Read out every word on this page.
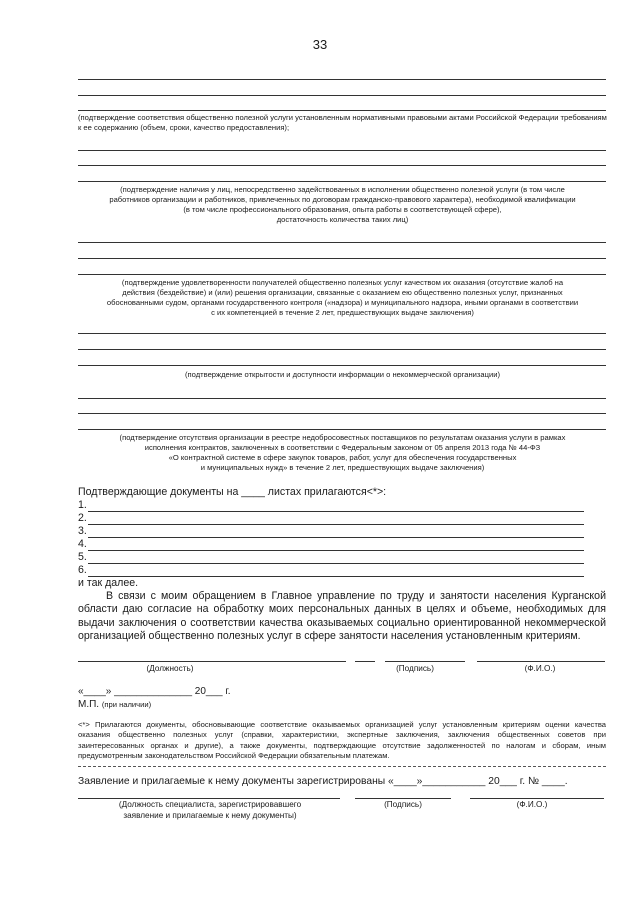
33
(подтверждение соответствия общественно полезной услуги установленным нормативными правовыми актами Российской Федерации требованиям к ее содержанию (объем, сроки, качество предоставления);
(подтверждение наличия у лиц, непосредственно задействованных в исполнении общественно полезной услуги (в том числе
работников организации и работников, привлеченных по договорам гражданско-правового характера), необходимой квалификации
(в том числе профессионального образования, опыта работы в соответствующей сфере),
достаточность количества таких лиц)
(подтверждение удовлетворенности получателей общественно полезных услуг качеством их оказания (отсутствие жалоб на
действия (бездействие) и (или) решения организации, связанные с оказанием ею общественно полезных услуг, признанных
обоснованными судом, органами государственного контроля («надзора) и муниципального надзора, иными органами в соответствии
с их компетенцией в течение 2 лет, предшествующих выдаче заключения)
(подтверждение открытости и доступности информации о некоммерческой организации)
(подтверждение отсутствия организации в реестре недобросовестных поставщиков по результатам оказания услуги в рамках
исполнения контрактов, заключенных в соответствии с Федеральным законом от 05 апреля 2013 года № 44-ФЗ
«О контрактной системе в сфере закупок товаров, работ, услуг для обеспечения государственных
и муниципальных нужд» в течение 2 лет, предшествующих выдаче заключения)
Подтверждающие документы на ____ листах прилагаются<*>:
1.
2.
3.
4.
5.
6.
и так далее.
В связи с моим обращением в Главное управление по труду и занятости населения Курганской области даю согласие на обработку моих персональных данных в целях и объеме, необходимых для выдачи заключения о соответствии качества оказываемых социально ориентированной некоммерческой организацией общественно полезных услуг в сфере занятости населения установленным критериям.
(Должность)	(Подпись)	(Ф.И.О.)
«____» ______________ 20___ г.
М.П. (при наличии)
<*> Прилагаются документы, обосновывающие соответствие оказываемых организацией услуг установленным критериям оценки качества оказания общественно полезных услуг (справки, характеристики, экспертные заключения, заключения общественных советов при заинтересованных органах и другие), а также документы, подтверждающие отсутствие задолженностей по налогам и сборам, иным предусмотренным законодательством Российской Федерации обязательным платежам.
Заявление и прилагаемые к нему документы зарегистрированы «____»___________ 20___ г. № ____.
(Должность специалиста, зарегистрировавшего
заявление и прилагаемые к нему документы)
(Подпись)	(Ф.И.О.)
